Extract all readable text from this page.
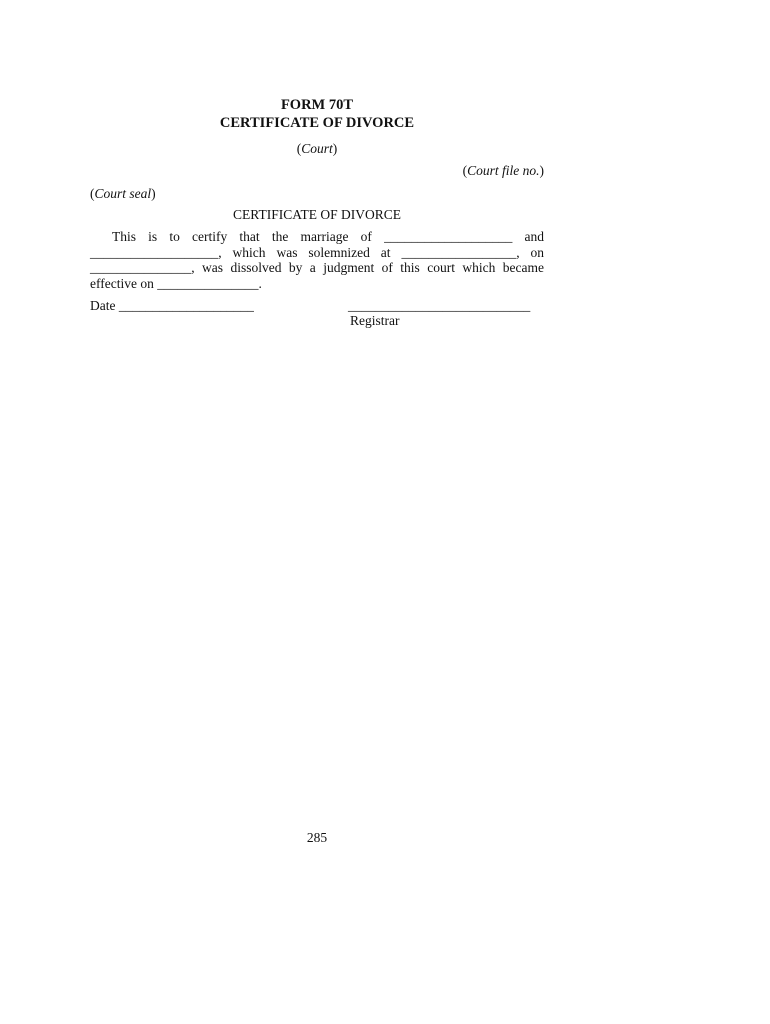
FORM 70T
CERTIFICATE OF DIVORCE
(Court)
(Court file no.)
(Court seal)
CERTIFICATE OF DIVORCE
This is to certify that the marriage of ___________________ and
___________________, which was solemnized at _________________, on
_______________, was dissolved by a judgment of this court which became
effective on _______________.
Date ____________________	___________________________
Registrar
285
